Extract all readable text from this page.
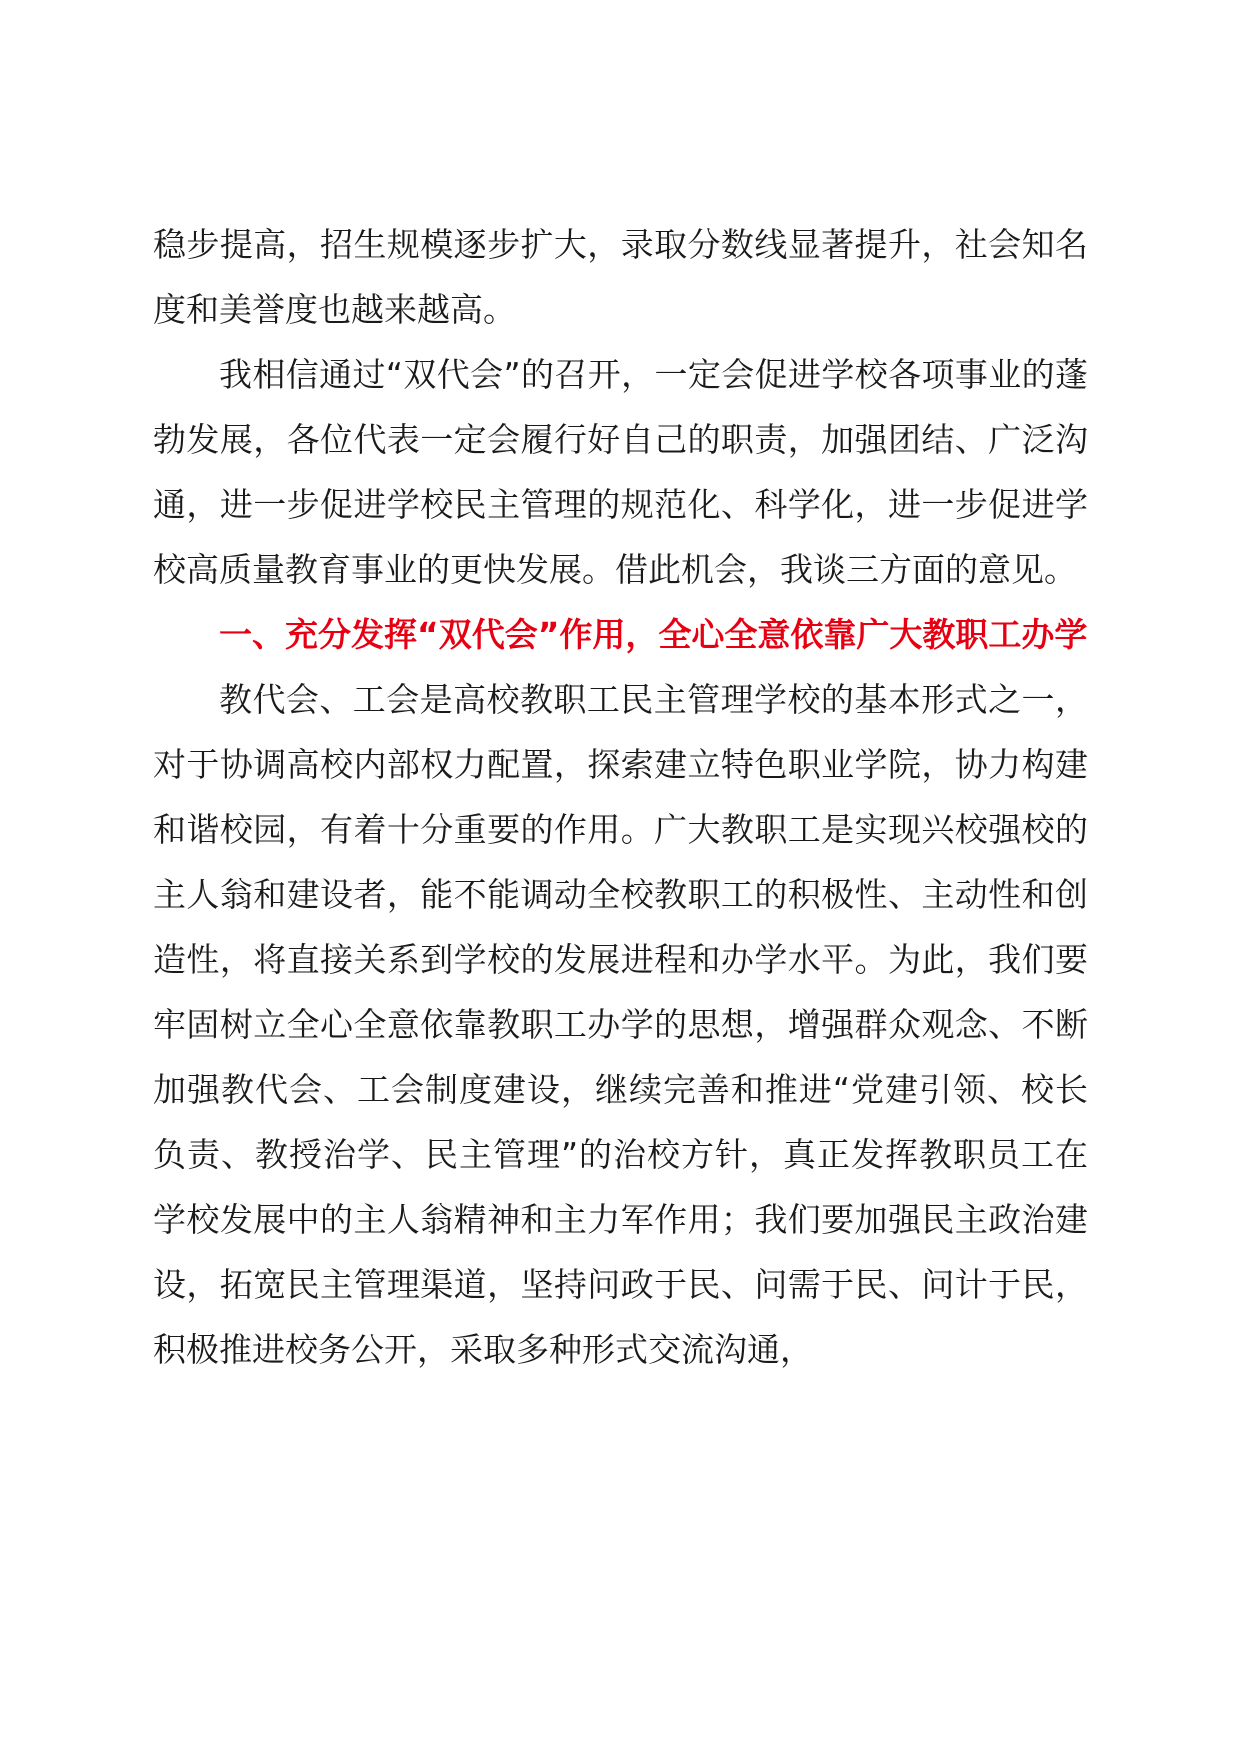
稳步提高，招生规模逐步扩大，录取分数线显著提升，社会知名度和美誉度也越来越高。

我相信通过“双代会”的召开，一定会促进学校各项事业的蓬勃发展，各位代表一定会履行好自己的职责，加强团结、广泛沟通，进一步促进学校民主管理的规范化、科学化，进一步促进学校高质量教育事业的更快发展。借此机会，我谈三方面的意见。

一、充分发挥“双代会”作用，全心全意依靠广大教职工办学

教代会、工会是高校教职工民主管理学校的基本形式之一，对于协调高校内部权力配置，探索建立特色职业学院，协力构建和谐校园，有着十分重要的作用。广大教职工是实现兴校强校的主人翁和建设者，能不能调动全校教职工的积极性、主动性和创造性，将直接关系到学校的发展进程和办学水平。为此，我们要牢固树立全心全意依靠教职工办学的思想，增强群众观念、不断加强教代会、工会制度建设，继续完善和推进“党建引领、校长负责、教授治学、民主管理”的治校方针，真正发挥教职员工在学校发展中的主人翁精神和主力军作用；我们要加强民主政治建设，拓宽民主管理渠道，坚持问政于民、问需于民、问计于民，积极推进校务公开，采取多种形式交流沟通，
